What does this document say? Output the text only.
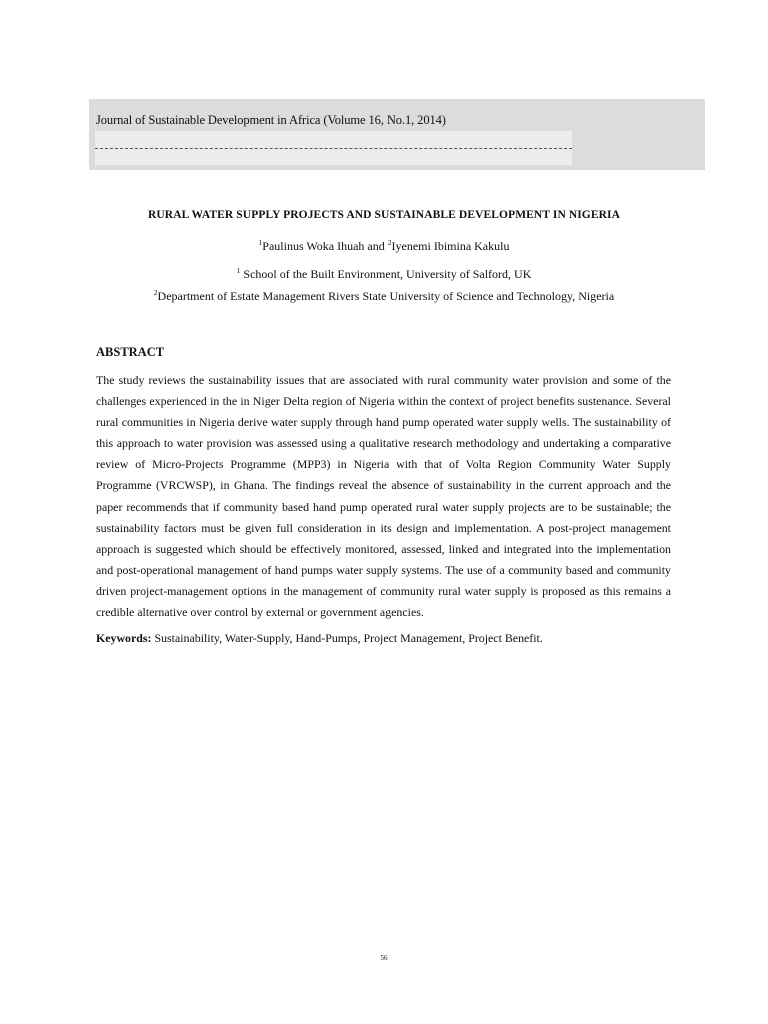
Journal of Sustainable Development in Africa (Volume 16, No.1, 2014)
RURAL WATER SUPPLY PROJECTS AND SUSTAINABLE DEVELOPMENT IN NIGERIA
$^1$Paulinus Woka Ihuah and $^2$Iyenemi Ibimina Kakulu
$^1$ School of the Built Environment, University of Salford, UK
$^2$Department of Estate Management Rivers State University of Science and Technology, Nigeria
ABSTRACT

The study reviews the sustainability issues that are associated with rural community water provision and some of the challenges experienced in the in Niger Delta region of Nigeria within the context of project benefits sustenance. Several rural communities in Nigeria derive water supply through hand pump operated water supply wells. The sustainability of this approach to water provision was assessed using a qualitative research methodology and undertaking a comparative review of Micro-Projects Programme (MPP3) in Nigeria with that of Volta Region Community Water Supply Programme (VRCWSP), in Ghana. The findings reveal the absence of sustainability in the current approach and the paper recommends that if community based hand pump operated rural water supply projects are to be sustainable; the sustainability factors must be given full consideration in its design and implementation. A post-project management approach is suggested which should be effectively monitored, assessed, linked and integrated into the implementation and post-operational management of hand pumps water supply systems. The use of a community based and community driven project-management options in the management of community rural water supply is proposed as this remains a credible alternative over control by external or government agencies.

Keywords: Sustainability, Water-Supply, Hand-Pumps, Project Management, Project Benefit.
56
